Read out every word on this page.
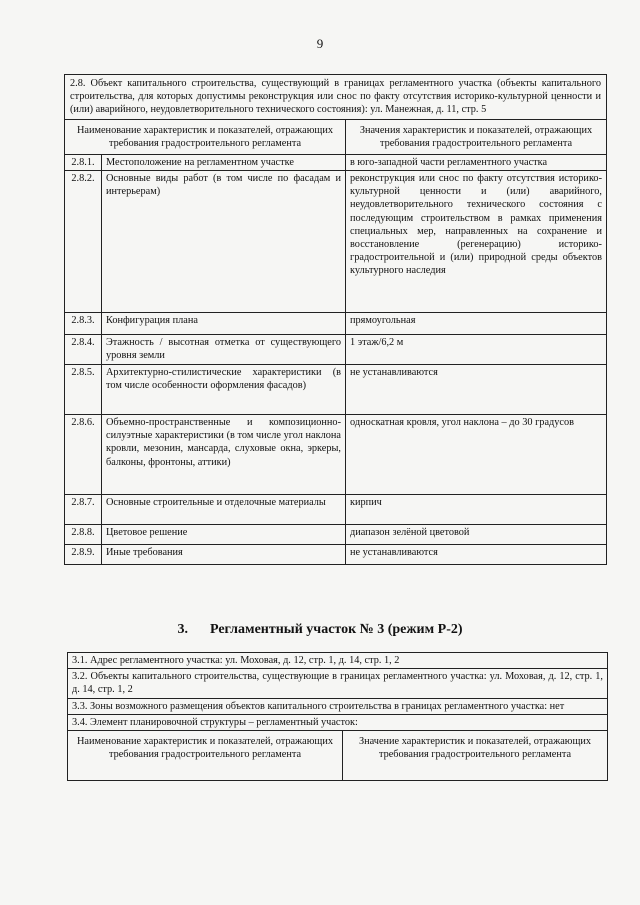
9
2.8. Объект капитального строительства, существующий в границах регламентного участка (объекты капитального строительства, для которых допустимы реконструкция или снос по факту отсутствия историко-культурной ценности и (или) аварийного, неудовлетворительного технического состояния): ул. Манежная, д. 11, стр. 5		
Наименование характеристик и показателей, отражающих требования градостроительного регламента		Значения характеристик и показателей, отражающих требования градостроительного регламента
2.8.1.	Местоположение на регламентном участке	в юго-западной части регламентного участка
2.8.2.	Основные виды работ (в том числе по фасадам и интерьерам)	реконструкция или снос по факту отсутствия историко-культурной ценности и (или) аварийного, неудовлетворительного технического состояния с последующим строительством в рамках применения специальных мер, направленных на сохранение и восстановление (регенерацию) историко-градостроительной и (или) природной среды объектов культурного наследия
2.8.3.	Конфигурация плана	прямоугольная
2.8.4.	Этажность / высотная отметка от существующего уровня земли	1 этаж/6,2 м
2.8.5.	Архитектурно-стилистические характеристики (в том числе особенности оформления фасадов)	не устанавливаются
2.8.6.	Объемно-пространственные и композиционно-силуэтные характеристики (в том числе угол наклона кровли, мезонин, мансарда, слуховые окна, эркеры, балконы, фронтоны, аттики)	односкатная кровля, угол наклона – до 30 градусов
2.8.7.	Основные строительные и отделочные материалы	кирпич
2.8.8.	Цветовое решение	диапазон зелёной цветовой
2.8.9.	Иные требования	не устанавливаются
3. Регламентный участок № 3 (режим Р-2)
3.1. Адрес регламентного участка: ул. Моховая, д. 12, стр. 1, д. 14, стр. 1, 2
3.2. Объекты капитального строительства, существующие в границах регламентного участка: ул. Моховая, д. 12, стр. 1, д. 14, стр. 1, 2
3.3. Зоны возможного размещения объектов капитального строительства в границах регламентного участка: нет
3.4. Элемент планировочной структуры – регламентный участок:
Наименование характеристик и показателей, отражающих требования градостроительного регламента	Значение характеристик и показателей, отражающих требования градостроительного регламента
